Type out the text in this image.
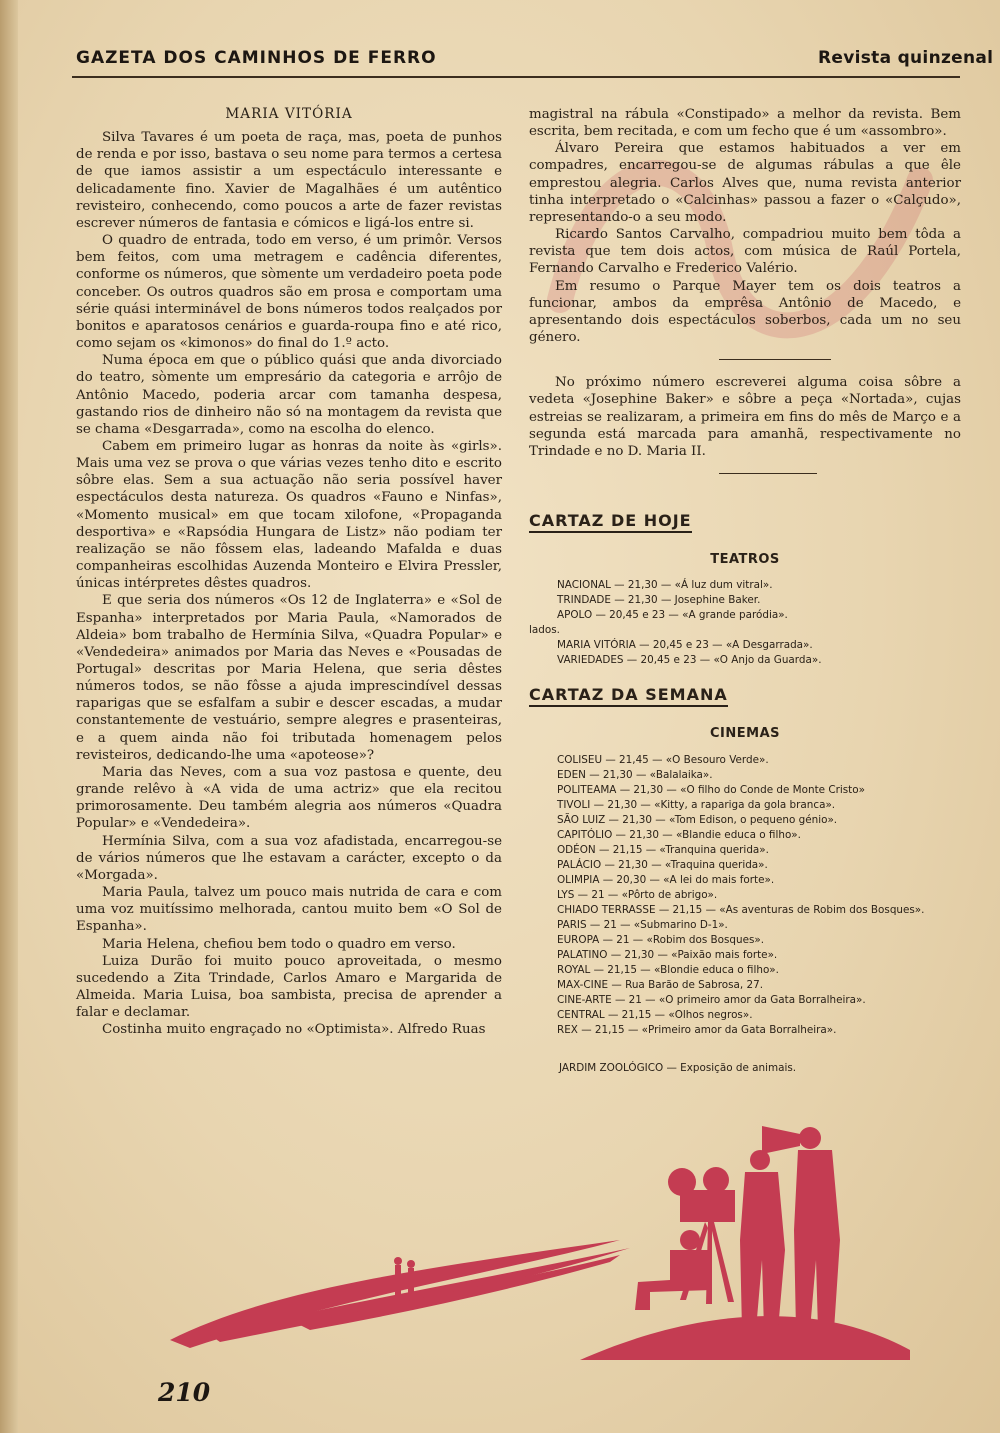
GAZETA DOS CAMINHOS DE FERRO	Revista quinzenal
MARIA VITÓRIA

Silva Tavares é um poeta de raça, mas, poeta de punhos de renda e por isso, bastava o seu nome para termos a certesa de que iamos assistir a um espectáculo interessante e delicadamente fino. Xavier de Magalhães é um autêntico revisteiro, conhecendo, como poucos a arte de fazer revistas escrever números de fantasia e cómicos e ligá-los entre si.

O quadro de entrada, todo em verso, é um primôr. Versos bem feitos, com uma metragem e cadência diferentes, conforme os números, que sòmente um verdadeiro poeta pode conceber. Os outros quadros são em prosa e comportam uma série quási interminável de bons números todos realçados por bonitos e aparatosos cenários e guarda-roupa fino e até rico, como sejam os «kimonos» do final do 1.º acto.

Numa época em que o público quási que anda divorciado do teatro, sòmente um empresário da categoria e arrôjo de Antônio Macedo, poderia arcar com tamanha despesa, gastando rios de dinheiro não só na montagem da revista que se chama «Desgarrada», como na escolha do elenco.

Cabem em primeiro lugar as honras da noite às «girls». Mais uma vez se prova o que várias vezes tenho dito e escrito sôbre elas. Sem a sua actuação não seria possível haver espectáculos desta natureza. Os quadros «Fauno e Ninfas», «Momento musical» em que tocam xilofone, «Propaganda desportiva» e «Rapsódia Hungara de Listz» não podiam ter realização se não fôssem elas, ladeando Mafalda e duas companheiras escolhidas Auzenda Monteiro e Elvira Pressler, únicas intérpretes dêstes quadros.

E que seria dos números «Os 12 de Inglaterra» e «Sol de Espanha» interpretados por Maria Paula, «Namorados de Aldeia» bom trabalho de Hermínia Silva, «Quadra Popular» e «Vendedeira» animados por Maria das Neves e «Pousadas de Portugal» descritas por Maria Helena, que seria dêstes números todos, se não fôsse a ajuda imprescindível dessas raparigas que se esfalfam a subir e descer escadas, a mudar constantemente de vestuário, sempre alegres e prasenteiras, e a quem ainda não foi tributada homenagem pelos revisteiros, dedicando-lhe uma «apoteose»?

Maria das Neves, com a sua voz pastosa e quente, deu grande relêvo à «A vida de uma actriz» que ela recitou primorosamente. Deu também alegria aos números «Quadra Popular» e «Vendedeira».

Hermínia Silva, com a sua voz afadistada, encarregou-se de vários números que lhe estavam a carácter, excepto o da «Morgada».

Maria Paula, talvez um pouco mais nutrida de cara e com uma voz muitíssimo melhorada, cantou muito bem «O Sol de Espanha».

Maria Helena, chefiou bem todo o quadro em verso.

Luiza Durão foi muito pouco aproveitada, o mesmo sucedendo a Zita Trindade, Carlos Amaro e Margarida de Almeida. Maria Luisa, boa sambista, precisa de aprender a falar e declamar.

Costinha muito engraçado no «Optimista». Alfredo Ruas

magistral na rábula «Constipado» a melhor da revista. Bem escrita, bem recitada, e com um fecho que é um «assombro».

Álvaro Pereira que estamos habituados a ver em compadres, encarregou-se de algumas rábulas a que êle emprestou alegria. Carlos Alves que, numa revista anterior tinha interpretado o «Calcinhas» passou a fazer o «Calçudo», representando-o a seu modo.

Ricardo Santos Carvalho, compadriou muito bem tôda a revista que tem dois actos, com música de Raúl Portela, Fernando Carvalho e Frederico Valério.

Em resumo o Parque Mayer tem os dois teatros a funcionar, ambos da emprêsa Antônio de Macedo, e apresentando dois espectáculos soberbos, cada um no seu género.

No próximo número escreverei alguma coisa sôbre a vedeta «Josephine Baker» e sôbre a peça «Nortada», cujas estreias se realizaram, a primeira em fins do mês de Março e a segunda está marcada para amanhã, respectivamente no Trindade e no D. Maria II.

CARTAZ DE HOJE
TEATROS
NACIONAL — 21,30 — «Á luz dum vitral».
TRINDADE — 21,30 — Josephine Baker.
APOLO — 20,45 e 23 — «A grande paródia».
lados.
MARIA VITÓRIA — 20,45 e 23 — «A Desgarrada».
VARIEDADES — 20,45 e 23 — «O Anjo da Guarda».
CARTAZ DA SEMANA
CINEMAS
COLISEU — 21,45 — «O Besouro Verde».
EDEN — 21,30 — «Balalaika».
POLITEAMA — 21,30 — «O filho do Conde de Monte Cristo»
TIVOLI — 21,30 — «Kitty, a rapariga da gola branca».
SÃO LUIZ — 21,30 — «Tom Edison, o pequeno génio».
CAPITÓLIO — 21,30 — «Blandie educa o filho».
ODÉON — 21,15 — «Tranquina querida».
PALÁCIO — 21,30 — «Traquina querida».
OLIMPIA — 20,30 — «A lei do mais forte».
LYS — 21 — «Pôrto de abrigo».
CHIADO TERRASSE — 21,15 — «As aventuras de Robim dos Bosques».
PARIS — 21 — «Submarino D-1».
EUROPA — 21 — «Robim dos Bosques».
PALATINO — 21,30 — «Paixão mais forte».
ROYAL — 21,15 — «Blondie educa o filho».
MAX-CINE — Rua Barão de Sabrosa, 27.
CINE-ARTE — 21 — «O primeiro amor da Gata Borralheira».
CENTRAL — 21,15 — «Olhos negros».
REX — 21,15 — «Primeiro amor da Gata Borralheira».
JARDIM ZOOLÓGICO — Exposição de animais.
210
